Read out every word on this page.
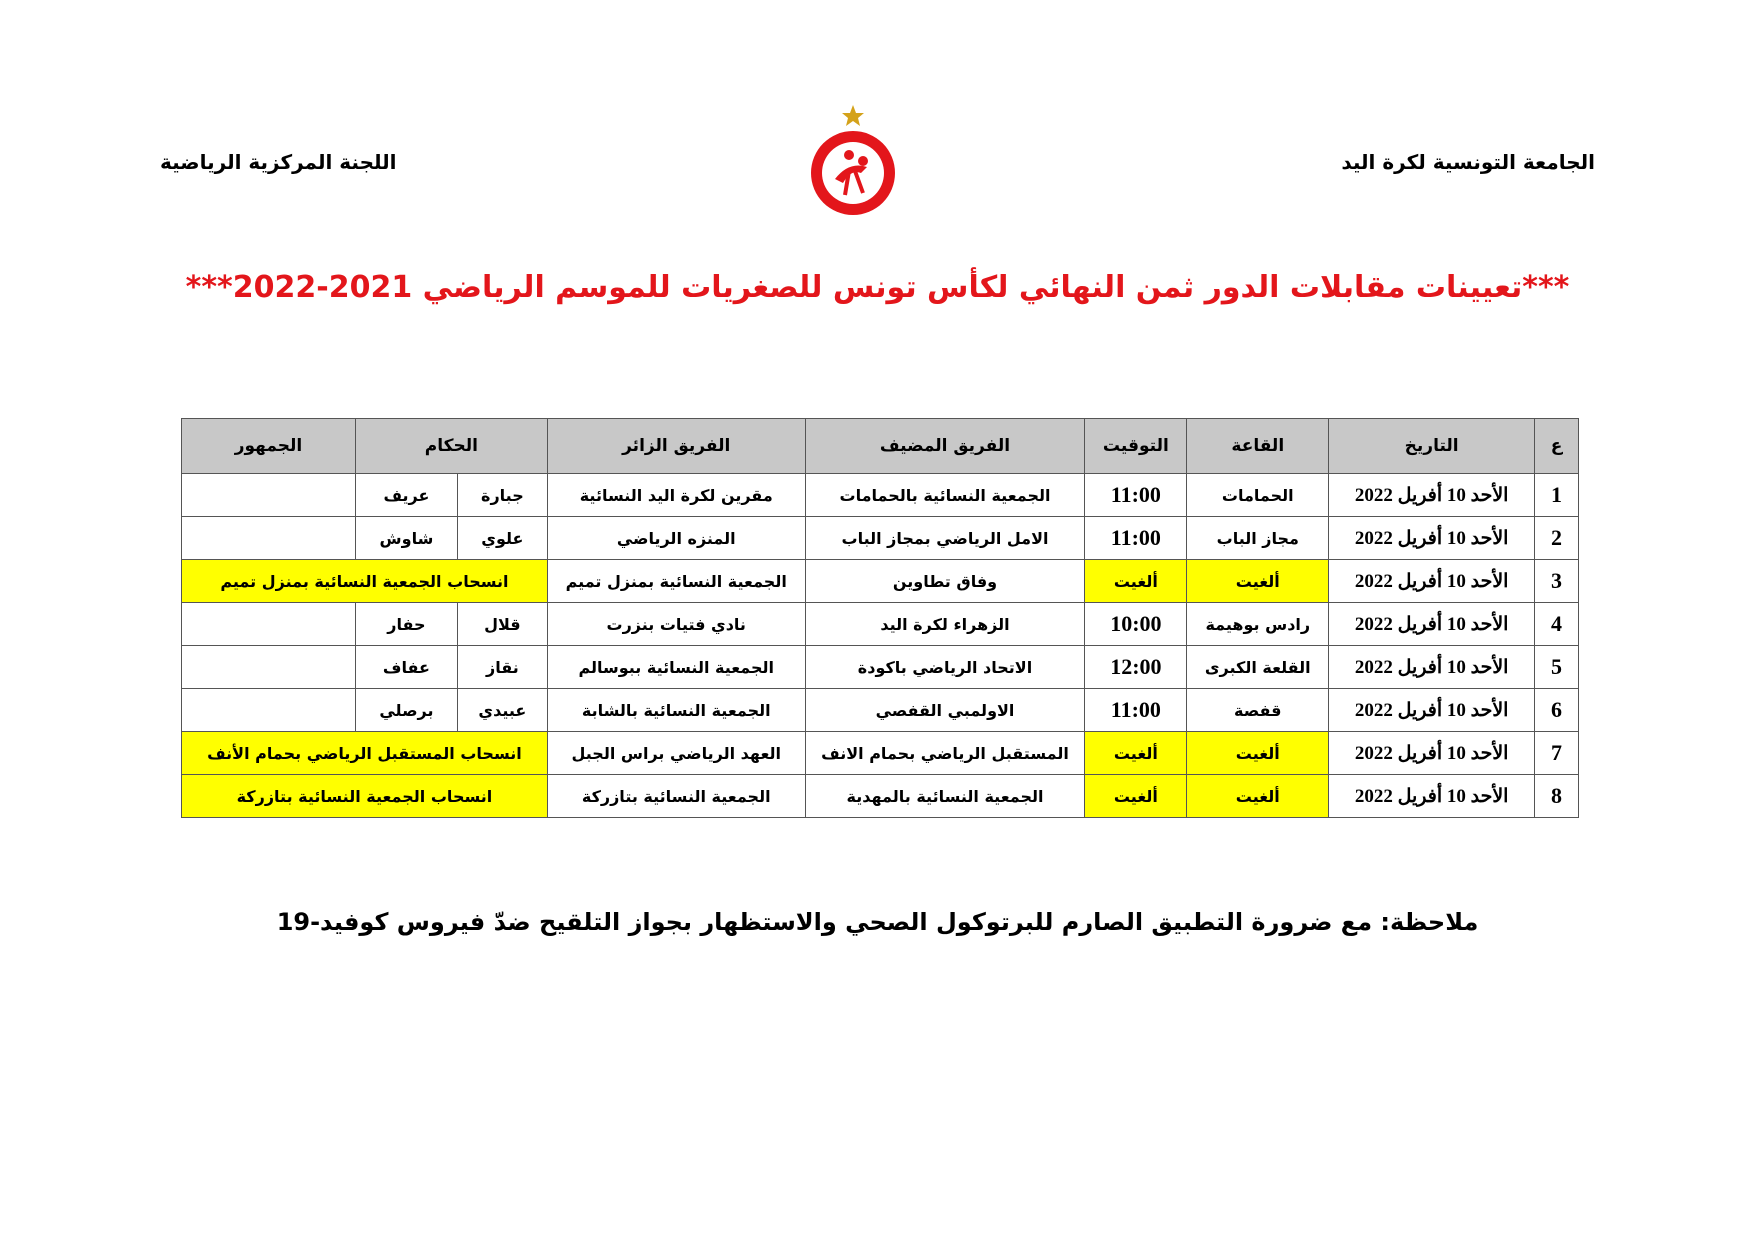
الجامعة التونسية لكرة اليد
اللجنة المركزية الرياضية
***تعيينات مقابلات الدور ثمن النهائي لكأس تونس للصغريات للموسم الرياضي 2021-2022***
ع	التاريخ	القاعة	التوقيت	الفريق المضيف	الفريق الزائر	الحكام		الجمهور
1	الأحد 10 أفريل 2022	الحمامات	11:00	الجمعية النسائية بالحمامات	مقرين لكرة اليد النسائية	جبارة	عريف	
2	الأحد 10 أفريل 2022	مجاز الباب	11:00	الامل الرياضي بمجاز الباب	المنزه الرياضي	علوي	شاوش	
3	الأحد 10 أفريل 2022	ألغيت	ألغيت	وفاق تطاوين	الجمعية النسائية بمنزل تميم	انسحاب الجمعية النسائية بمنزل تميم		
4	الأحد 10 أفريل 2022	رادس بوهيمة	10:00	الزهراء لكرة اليد	نادي فتيات بنزرت	قلال	حفار	
5	الأحد 10 أفريل 2022	القلعة الكبرى	12:00	الاتحاد الرياضي باكودة	الجمعية النسائية ببوسالم	نقاز	عفاف	
6	الأحد 10 أفريل 2022	قفصة	11:00	الاولمبي القفصي	الجمعية النسائية بالشابة	عبيدي	برصلي	
7	الأحد 10 أفريل 2022	ألغيت	ألغيت	المستقبل الرياضي بحمام الانف	العهد الرياضي براس الجبل	انسحاب المستقبل الرياضي بحمام الأنف		
8	الأحد 10 أفريل 2022	ألغيت	ألغيت	الجمعية النسائية بالمهدية	الجمعية النسائية بتازركة	انسحاب الجمعية النسائية بتازركة		
ملاحظة: مع ضرورة التطبيق الصارم للبرتوكول الصحي والاستظهار بجواز التلقيح ضدّ فيروس كوفيد-19
